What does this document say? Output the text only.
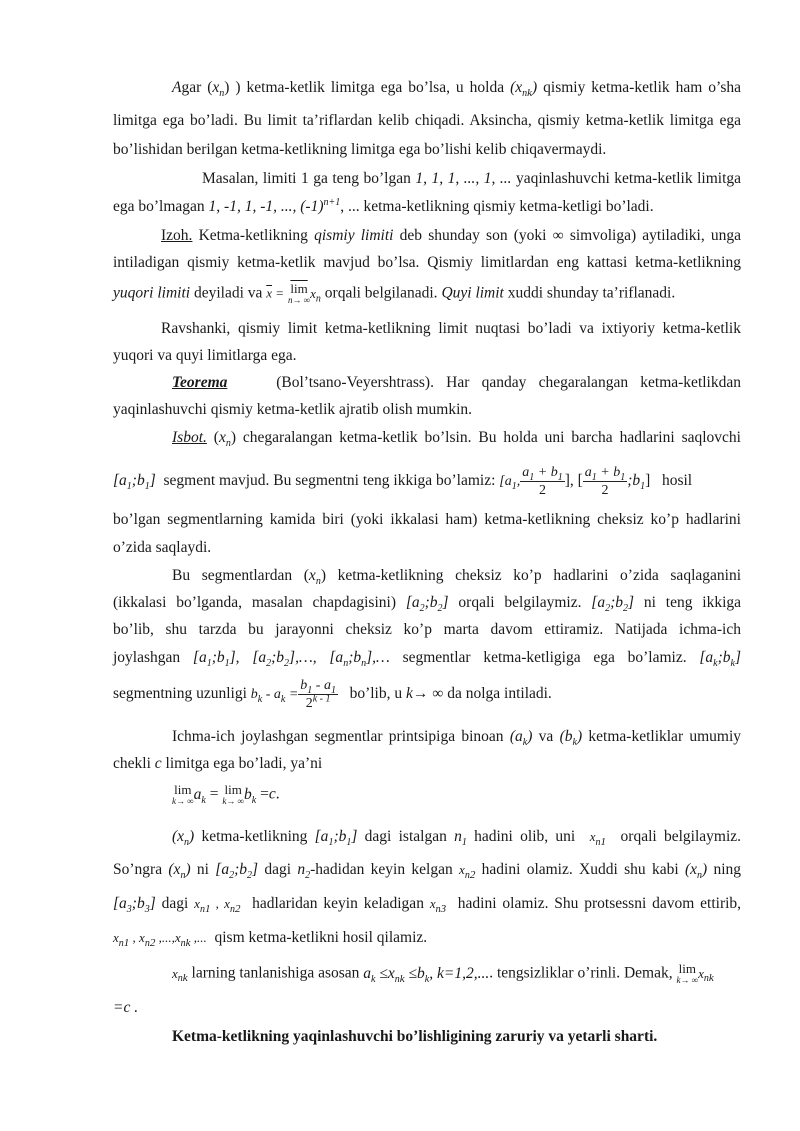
Agar $(x_n)$ ) ketma-ketlik limitga ega bo’lsa, u holda $(x_{nk})$ qismiy ketma-ketlik ham o’sha
limitga ega bo’ladi. Bu limit ta’riflardan kelib chiqadi. Aksincha, qismiy ketma-ketlik limitga ega
bo’lishidan berilgan ketma-ketlikning limitga ega bo’lishi kelib chiqavermaydi.
Masalan, limiti 1 ga teng bo’lgan 1, 1, 1, ..., 1, ... yaqinlashuvchi ketma-ketlik limitga
ega bo’lmagan 1, -1, 1, -1, ..., $(-1)^{n+1}$, ... ketma-ketlikning qismiy ketma-ketligi bo’ladi.
Izoh. Ketma-ketlikning qismiy limiti deb shunday son (yoki ∞ simvoliga) aytiladiki, unga
intiladigan qismiy ketma-ketlik mavjud bo’lsa. Qismiy limitlardan eng kattasi ketma-ketlikning
yuqori limiti deyiladi va $\overline{x} = \overline{lim}$
n→ ∞ $x_n$ orqali belgilanadi. Quyi limit xuddi shunday ta’riflanadi.
Ravshanki, qismiy limit ketma-ketlikning limit nuqtasi bo’ladi va ixtiyoriy ketma-ketlik
yuqori va quyi limitlarga ega.
Teorema	(Bol’tsano-Veyershtrass). Har qanday chegaralangan ketma-ketlikdan
yaqinlashuvchi qismiy ketma-ketlik ajratib olish mumkin.
Isbot. $(x_n)$ chegaralangan ketma-ketlik bo’lsin. Bu holda uni barcha hadlarini saqlovchi
$[a_1;b_1]$ segment mavjud. Bu segmentni teng ikkiga bo’lamiz: [$a_1$, $\frac{a_1 + b_1}{2}$ ], [ $\frac{a_1 + b_1}{2}$ $;b_1$]   hosil
bo’lgan segmentlarning kamida biri (yoki ikkalasi ham) ketma-ketlikning cheksiz ko’p hadlarini
o’zida saqlaydi.
Bu segmentlardan $(x_n)$ ketma-ketlikning cheksiz ko’p hadlarini o’zida saqlaganini
(ikkalasi bo’lganda, masalan chapdagisini) $[a_2;b_2]$ orqali belgilaymiz. $[a_2;b_2]$ ni teng ikkiga
bo’lib, shu tarzda bu jarayonni cheksiz ko’p marta davom ettiramiz. Natijada ichma-ich
joylashgan $[a_1;b_1]$, $[a_2;b_2],\dots$, $[a_n;b_n],\dots$ segmentlar ketma-ketligiga ega bo’lamiz. $[a_k;b_k]$
segmentning uzunligi $b_k - a_k = \frac{b_1 - a_1}{2^{k - 1}}$ bo’lib, u k→ ∞ da nolga intiladi.
Ichma-ich joylashgan segmentlar printsipiga binoan $(a_k)$ va $(b_k)$ ketma-ketliklar umumiy
chekli c limitga ega bo’ladi, ya’ni
lim
k→ ∞ $a_k = \lim$
k→ ∞ $b_k =c$.
$(x_n)$ ketma-ketlikning $[a_1;b_1]$ dagi istalgan $n_1$ hadini olib, uni $x_{n1}$ orqali belgilaymiz.
So’ngra $(x_n)$ ni $[a_2;b_2]$ dagi $n_2$-hadidan keyin kelgan $x_{n2}$ hadini olamiz. Xuddi shu kabi $(x_n)$ ning
$[a_3;b_3]$ dagi $x_{n1}$ , $x_{n2}$ hadlaridan keyin keladigan $x_{n3}$ hadini olamiz. Shu protsessni davom ettirib,
$x_{n1}$ , $x_{n2}$ $,...,x_{nk}$ ,... qism ketma-ketlikni hosil qilamiz.
$x_{nk}$ larning tanlanishiga asosan $a_k \le x_{nk} \le b_k$, k=1,2,.... tengsizliklar o’rinli. Demak, lim
k→ ∞ $x_{nk}$
=c .
Ketma-ketlikning yaqinlashuvchi bo’lishligining zaruriy va yetarli sharti.
